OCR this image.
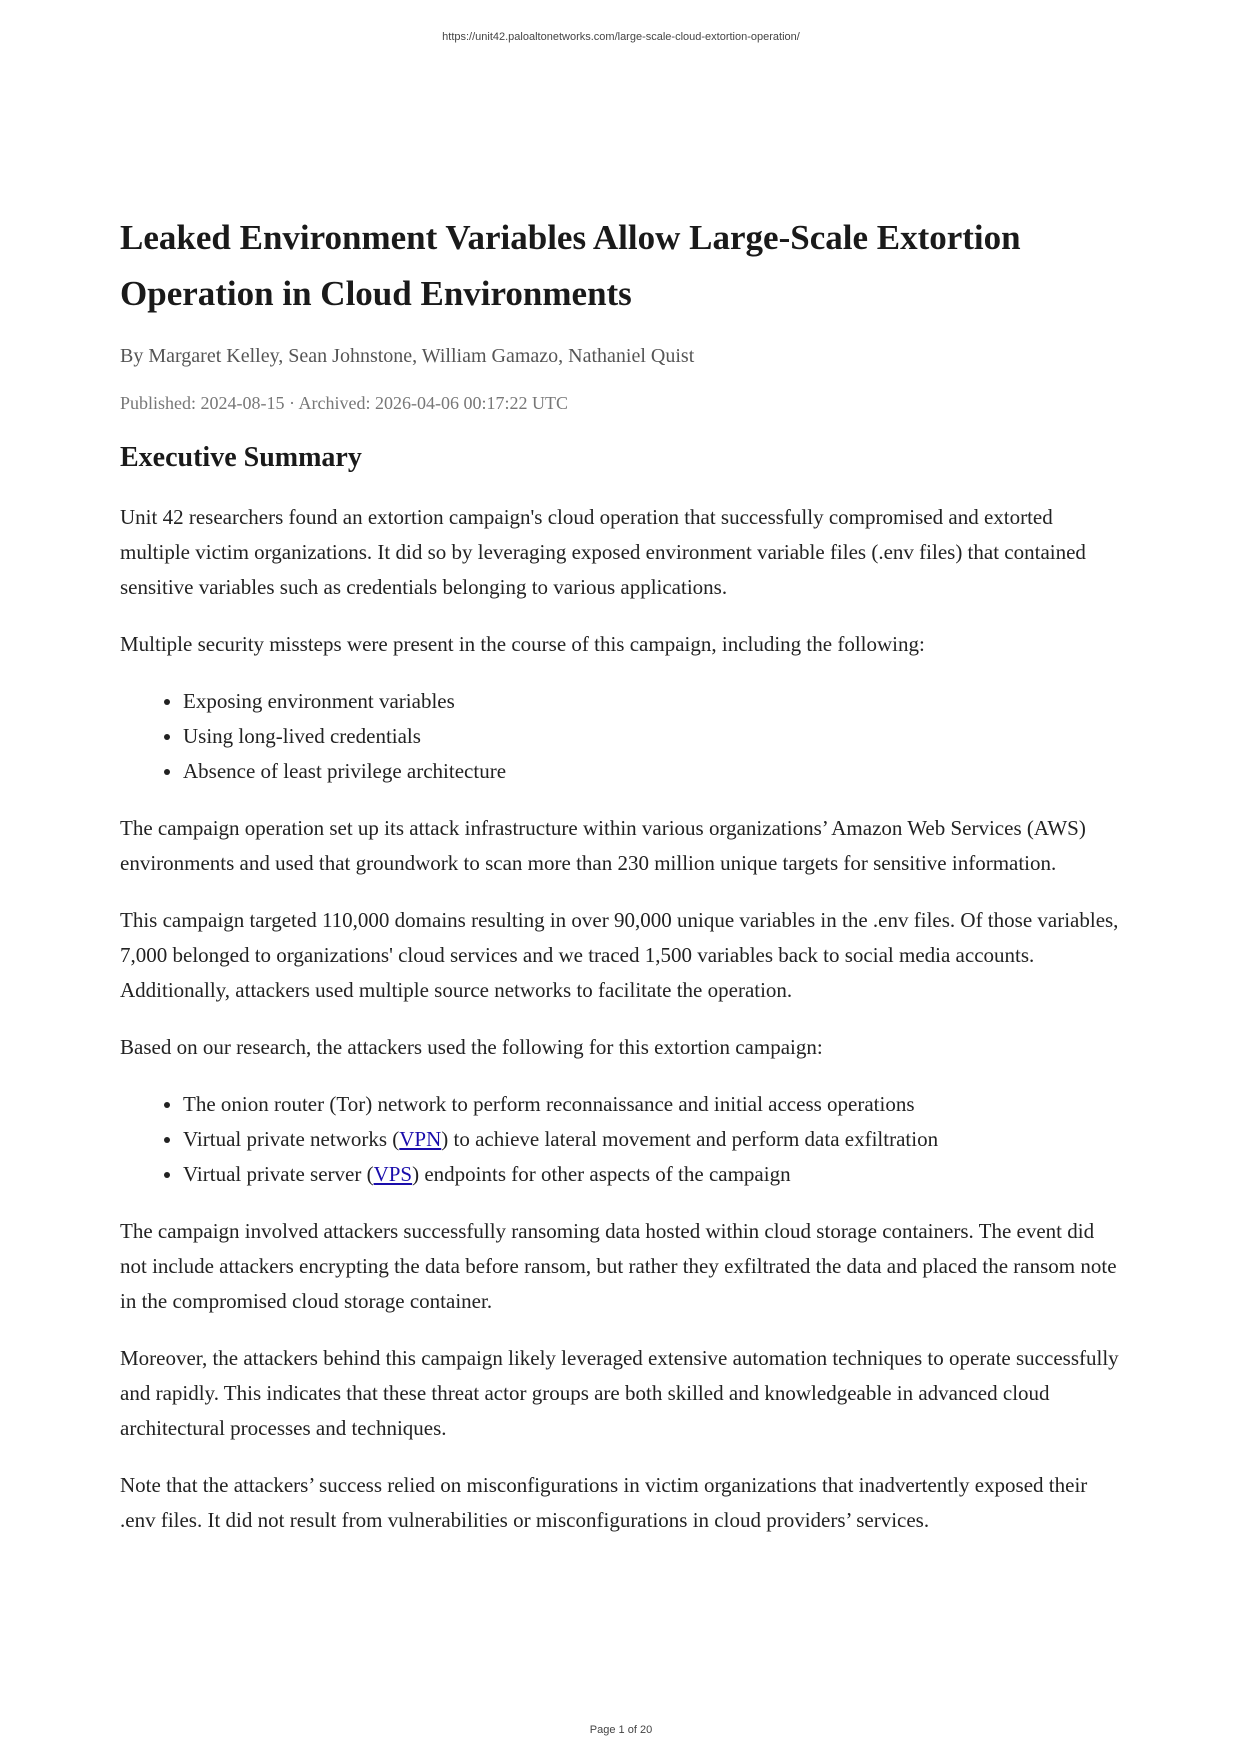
https://unit42.paloaltonetworks.com/large-scale-cloud-extortion-operation/
Leaked Environment Variables Allow Large-Scale Extortion Operation in Cloud Environments
By Margaret Kelley, Sean Johnstone, William Gamazo, Nathaniel Quist
Published: 2024-08-15 · Archived: 2026-04-06 00:17:22 UTC
Executive Summary

Unit 42 researchers found an extortion campaign's cloud operation that successfully compromised and extorted multiple victim organizations. It did so by leveraging exposed environment variable files (.env files) that contained sensitive variables such as credentials belonging to various applications.

Multiple security missteps were present in the course of this campaign, including the following:

• Exposing environment variables
• Using long-lived credentials
• Absence of least privilege architecture

The campaign operation set up its attack infrastructure within various organizations’ Amazon Web Services (AWS) environments and used that groundwork to scan more than 230 million unique targets for sensitive information.

This campaign targeted 110,000 domains resulting in over 90,000 unique variables in the .env files. Of those variables, 7,000 belonged to organizations' cloud services and we traced 1,500 variables back to social media accounts. Additionally, attackers used multiple source networks to facilitate the operation.

Based on our research, the attackers used the following for this extortion campaign:

• The onion router (Tor) network to perform reconnaissance and initial access operations
• Virtual private networks (VPN) to achieve lateral movement and perform data exfiltration
• Virtual private server (VPS) endpoints for other aspects of the campaign

The campaign involved attackers successfully ransoming data hosted within cloud storage containers. The event did not include attackers encrypting the data before ransom, but rather they exfiltrated the data and placed the ransom note in the compromised cloud storage container.

Moreover, the attackers behind this campaign likely leveraged extensive automation techniques to operate successfully and rapidly. This indicates that these threat actor groups are both skilled and knowledgeable in advanced cloud architectural processes and techniques.

Note that the attackers’ success relied on misconfigurations in victim organizations that inadvertently exposed their .env files. It did not result from vulnerabilities or misconfigurations in cloud providers’ services.

Page 1 of 20
